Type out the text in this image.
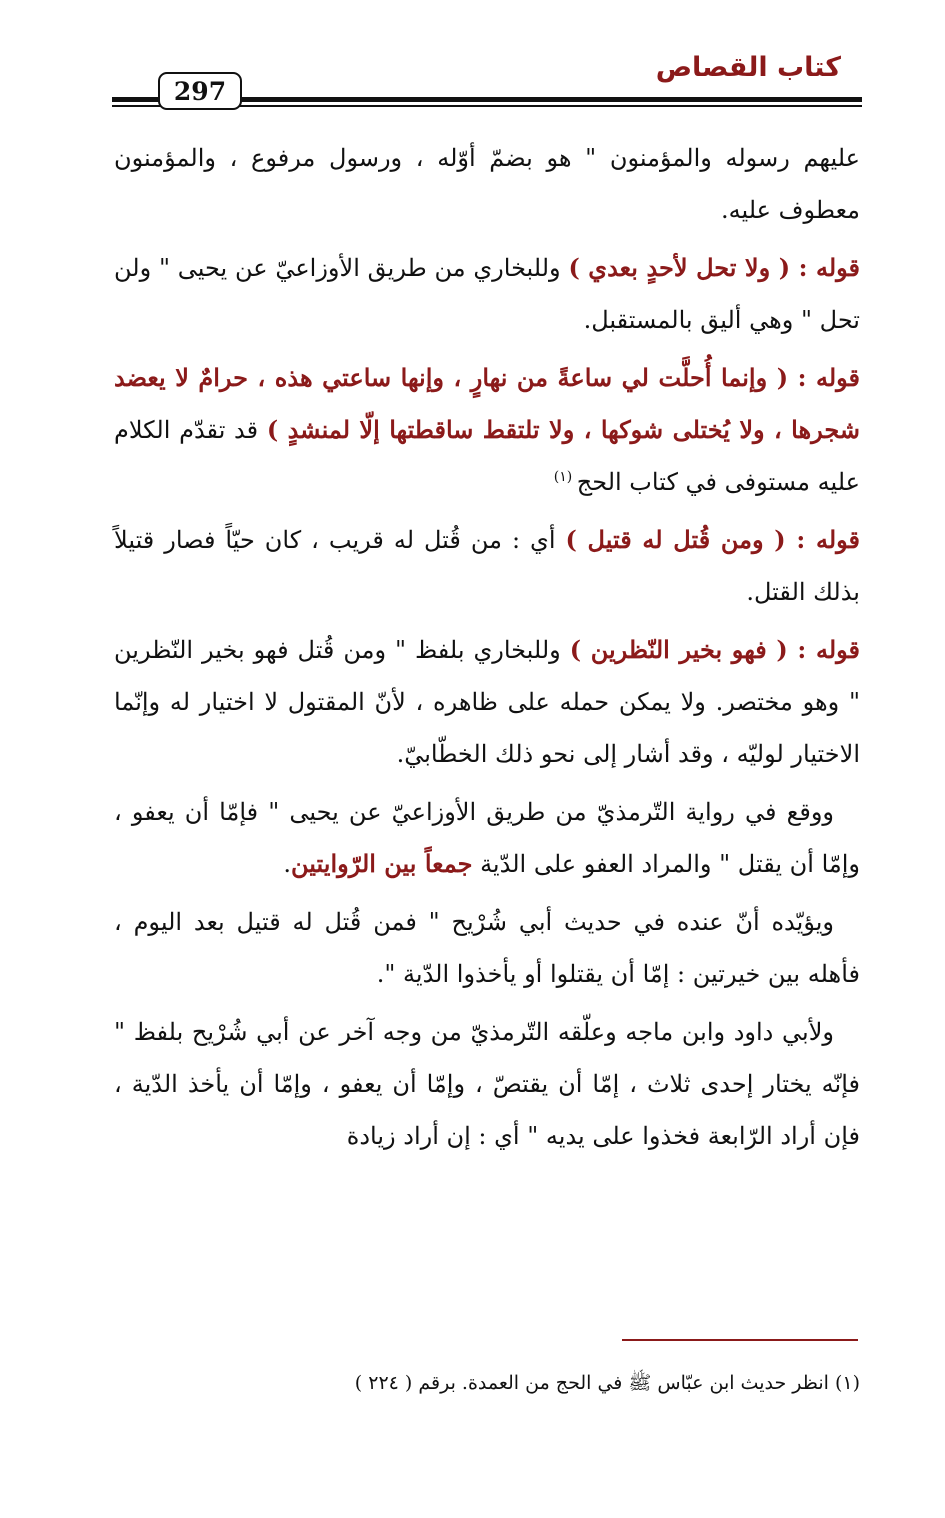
كتاب القصاص
297

عليهم رسوله والمؤمنون " هو بضمّ أوّله ، ورسول مرفوع ، والمؤمنون معطوف عليه.

قوله : ( ولا تحل لأحدٍ بعدي ) وللبخاري من طريق الأوزاعيّ عن يحيى " ولن تحل " وهي أليق بالمستقبل.

قوله : ( وإنما أُحلَّت لي ساعةً من نهارٍ ، وإنها ساعتي هذه ، حرامٌ لا يعضد شجرها ، ولا يُختلى شوكها ، ولا تلتقط ساقطتها إلّا لمنشدٍ ) قد تقدّم الكلام عليه مستوفى في كتاب الحج $^{(١)}$

قوله : ( ومن قُتل له قتيل ) أي : من قُتل له قريب ، كان حيّاً فصار قتيلاً بذلك القتل.

قوله : ( فهو بخير النّظرين ) وللبخاري بلفظ " ومن قُتل فهو بخير النّظرين " وهو مختصر. ولا يمكن حمله على ظاهره ، لأنّ المقتول لا اختيار له وإنّما الاختيار لوليّه ، وقد أشار إلى نحو ذلك الخطّابيّ.

ووقع في رواية التّرمذيّ من طريق الأوزاعيّ عن يحيى " فإمّا أن يعفو ، وإمّا أن يقتل " والمراد العفو على الدّية جمعاً بين الرّوايتين.

ويؤيّده أنّ عنده في حديث أبي شُرْيح " فمن قُتل له قتيل بعد اليوم ، فأهله بين خيرتين : إمّا أن يقتلوا أو يأخذوا الدّية ".

ولأبي داود وابن ماجه وعلّقه التّرمذيّ من وجه آخر عن أبي شُرْيح بلفظ " فإنّه يختار إحدى ثلاث ، إمّا أن يقتصّ ، وإمّا أن يعفو ، وإمّا أن يأخذ الدّية ، فإن أراد الرّابعة فخذوا على يديه " أي : إن أراد زيادة

(١) انظر حديث ابن عبّاس ﷺ في الحج من العمدة. برقم ( ٢٢٤ )
